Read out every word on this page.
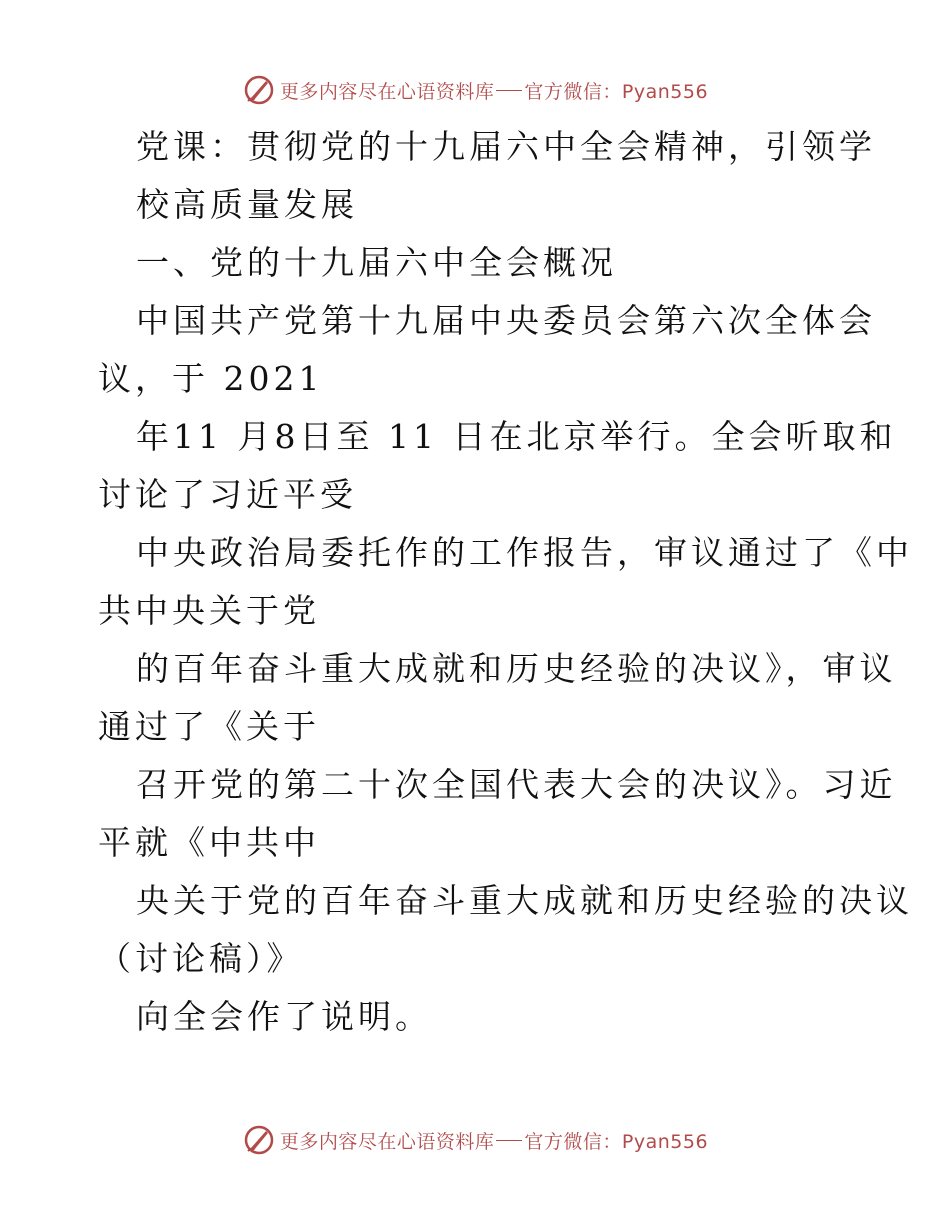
更多内容尽在心语资料库 官方微信：Pyan556
党课：贯彻党的十九届六中全会精神，引领学
校高质量发展
一、党的十九届六中全会概况
中国共产党第十九届中央委员会第六次全体会
议，于 2021
年11 月8日至 11 日在北京举行。全会听取和
讨论了习近平受
中央政治局委托作的工作报告，审议通过了《中
共中央关于党
的百年奋斗重大成就和历史经验的决议》，审议
通过了《关于
召开党的第二十次全国代表大会的决议》。习近
平就《中共中
央关于党的百年奋斗重大成就和历史经验的决议
（讨论稿）》
向全会作了说明。
更多内容尽在心语资料库 官方微信：Pyan556
